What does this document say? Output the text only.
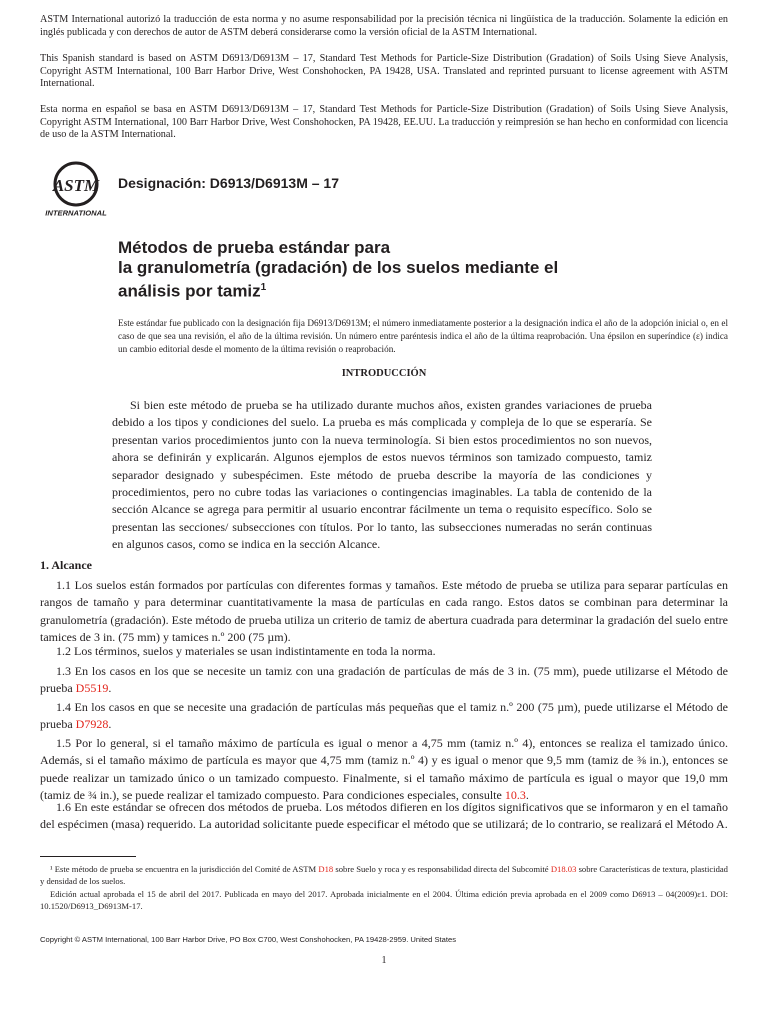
ASTM International autorizó la traducción de esta norma y no asume responsabilidad por la precisión técnica ni lingüística de la traducción. Solamente la edición en inglés publicada y con derechos de autor de ASTM deberá considerarse como la versión oficial de la ASTM International.

This Spanish standard is based on ASTM D6913/D6913M – 17, Standard Test Methods for Particle-Size Distribution (Gradation) of Soils Using Sieve Analysis, Copyright ASTM International, 100 Barr Harbor Drive, West Conshohocken, PA 19428, USA. Translated and reprinted pursuant to license agreement with ASTM International.

Esta norma en español se basa en ASTM D6913/D6913M – 17, Standard Test Methods for Particle-Size Distribution (Gradation) of Soils Using Sieve Analysis, Copyright ASTM International, 100 Barr Harbor Drive, West Conshohocken, PA 19428, EE.UU. La traducción y reimpresión se han hecho en conformidad con licencia de uso de la ASTM International.

ASTM
INTERNATIONAL
Designación: D6913/D6913M – 17
Métodos de prueba estándar para
la granulometría (gradación) de los suelos mediante el
análisis por tamiz$^1$

Este estándar fue publicado con la designación fija D6913/D6913M; el número inmediatamente posterior a la designación indica el año de la adopción inicial o, en el caso de que sea una revisión, el año de la última revisión. Un número entre paréntesis indica el año de la última reaprobación. Una épsilon en superíndice (ε) indica un cambio editorial desde el momento de la última revisión o reaprobación.

INTRODUCCIÓN

Si bien este método de prueba se ha utilizado durante muchos años, existen grandes variaciones de prueba debido a los tipos y condiciones del suelo. La prueba es más complicada y compleja de lo que se esperaría. Se presentan varios procedimientos junto con la nueva terminología. Si bien estos procedimientos no son nuevos, ahora se definirán y explicarán. Algunos ejemplos de estos nuevos términos son tamizado compuesto, tamiz separador designado y subespécimen. Este método de prueba describe la mayoría de las condiciones y procedimientos, pero no cubre todas las variaciones o contingencias imaginables. La tabla de contenido de la sección Alcance se agrega para permitir al usuario encontrar fácilmente un tema o requisito específico. Solo se presentan las secciones/ subsecciones con títulos. Por lo tanto, las subsecciones numeradas no serán continuas en algunos casos, como se indica en la sección Alcance.

1. Alcance

1.1 Los suelos están formados por partículas con diferentes formas y tamaños. Este método de prueba se utiliza para separar partículas en rangos de tamaño y para determinar cuantitativamente la masa de partículas en cada rango. Estos datos se combinan para determinar la granulometría (gradación). Este método de prueba utiliza un criterio de tamiz de abertura cuadrada para determinar la gradación del suelo entre tamices de 3 in. (75 mm) y tamices n.º 200 (75 µm).

1.2 Los términos, suelos y materiales se usan indistintamente en toda la norma.

1.3 En los casos en los que se necesite un tamiz con una gradación de partículas de más de 3 in. (75 mm), puede utilizarse el Método de prueba D5519.

1.4 En los casos en que se necesite una gradación de partículas más pequeñas que el tamiz n.º 200 (75 µm), puede utilizarse el Método de prueba D7928.

1.5 Por lo general, si el tamaño máximo de partícula es igual o menor a 4,75 mm (tamiz n.º 4), entonces se realiza el tamizado único. Además, si el tamaño máximo de partícula es mayor que 4,75 mm (tamiz n.º 4) y es igual o menor que 9,5 mm (tamiz de ⅜ in.), entonces se puede realizar un tamizado único o un tamizado compuesto. Finalmente, si el tamaño máximo de partícula es igual o mayor que 19,0 mm (tamiz de ¾ in.), se puede realizar el tamizado compuesto. Para condiciones especiales, consulte 10.3.

1.6 En este estándar se ofrecen dos métodos de prueba. Los métodos difieren en los dígitos significativos que se informaron y en el tamaño del espécimen (masa) requerido. La autoridad solicitante puede especificar el método que se utilizará; de lo contrario, se realizará el Método A.

¹ Este método de prueba se encuentra en la jurisdicción del Comité de ASTM D18 sobre Suelo y roca y es responsabilidad directa del Subcomité D18.03 sobre Características de textura, plasticidad y densidad de los suelos.

Edición actual aprobada el 15 de abril del 2017. Publicada en mayo del 2017. Aprobada inicialmente en el 2004. Última edición previa aprobada en el 2009 como D6913 – 04(2009)ε1. DOI: 10.1520/D6913_D6913M-17.

Copyright © ASTM International, 100 Barr Harbor Drive, PO Box C700, West Conshohocken, PA 19428-2959. United States
1
